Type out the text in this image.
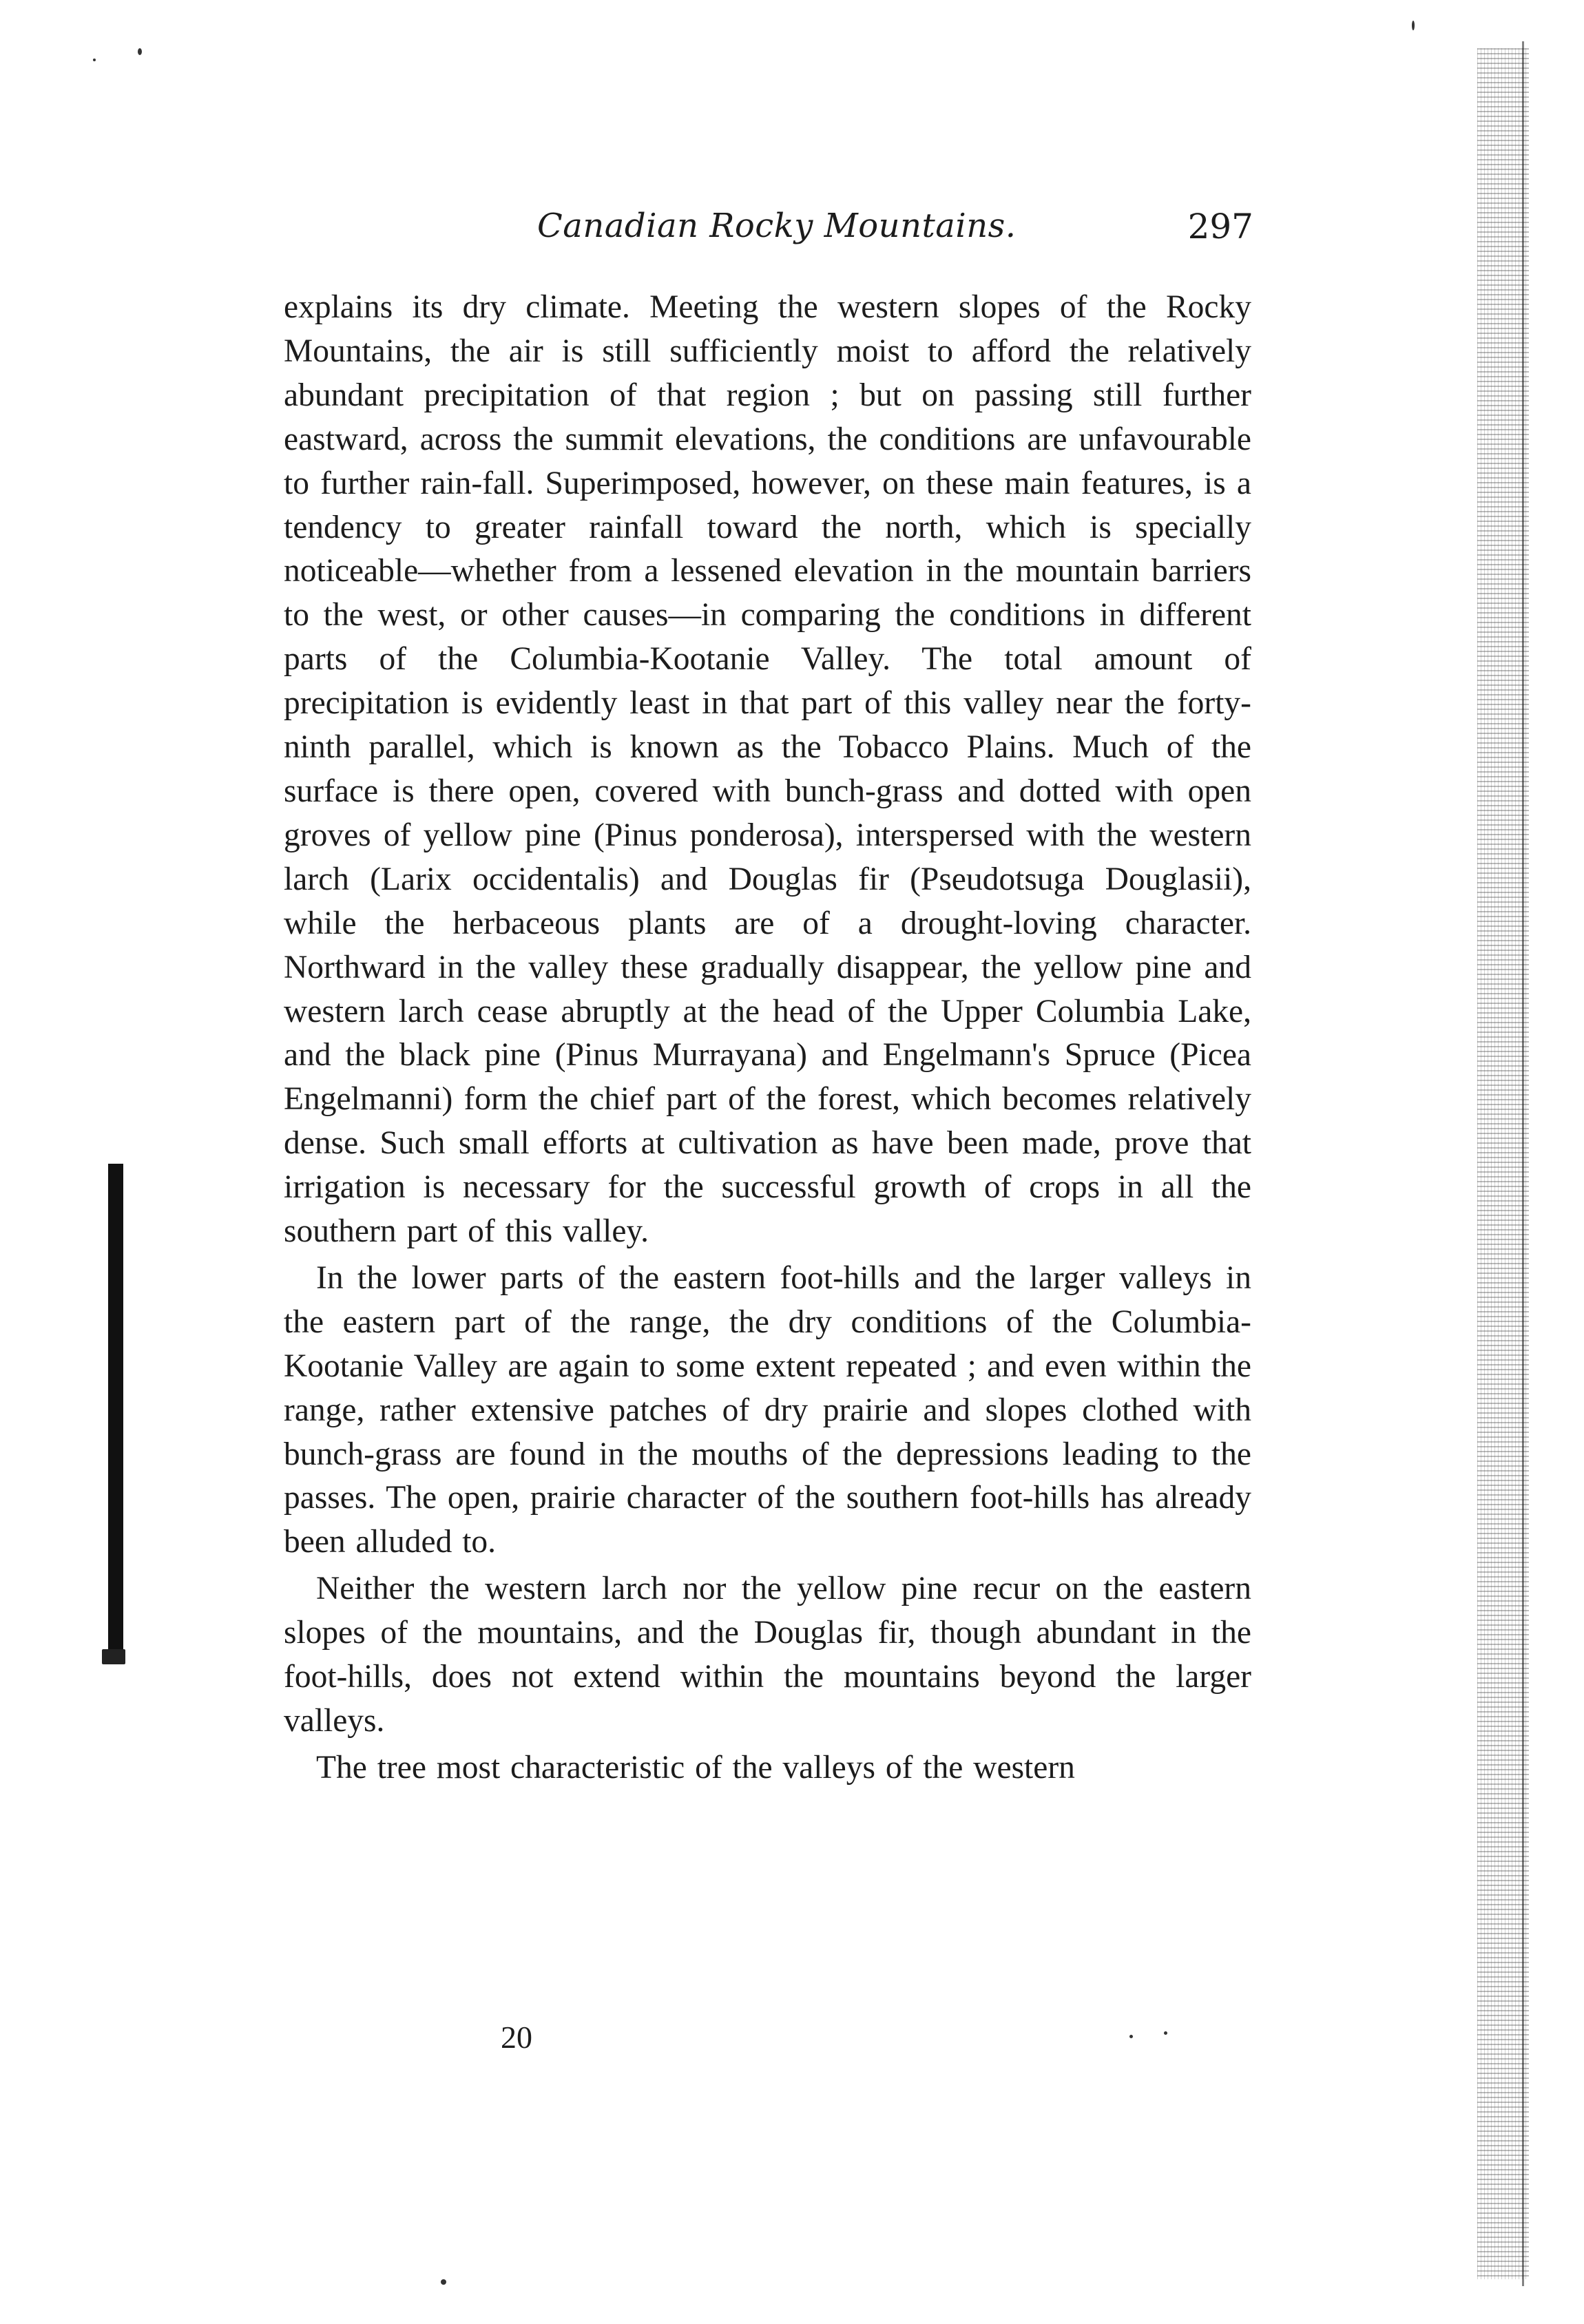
Canadian Rocky Mountains.	297

explains its dry climate. Meeting the western slopes of the Rocky Mountains, the air is still sufficiently moist to afford the relatively abundant precipitation of that region ; but on passing still further eastward, across the summit elevations, the conditions are unfavourable to further rain-fall. Superimposed, however, on these main features, is a tendency to greater rainfall toward the north, which is specially noticeable—whether from a lessened elevation in the mountain barriers to the west, or other causes—in comparing the conditions in different parts of the Columbia-Kootanie Valley. The total amount of precipitation is evidently least in that part of this valley near the forty-ninth parallel, which is known as the Tobacco Plains. Much of the surface is there open, covered with bunch-grass and dotted with open groves of yellow pine (Pinus ponderosa), interspersed with the western larch (Larix occidentalis) and Douglas fir (Pseudotsuga Douglasii), while the herbaceous plants are of a drought-loving character. Northward in the valley these gradually disappear, the yellow pine and western larch cease abruptly at the head of the Upper Columbia Lake, and the black pine (Pinus Murrayana) and Engelmann's Spruce (Picea Engelmanni) form the chief part of the forest, which becomes relatively dense. Such small efforts at cultivation as have been made, prove that irrigation is necessary for the successful growth of crops in all the southern part of this valley.

In the lower parts of the eastern foot-hills and the larger valleys in the eastern part of the range, the dry conditions of the Columbia-Kootanie Valley are again to some extent repeated ; and even within the range, rather extensive patches of dry prairie and slopes clothed with bunch-grass are found in the mouths of the depressions leading to the passes. The open, prairie character of the southern foot-hills has already been alluded to.

Neither the western larch nor the yellow pine recur on the eastern slopes of the mountains, and the Douglas fir, though abundant in the foot-hills, does not extend within the mountains beyond the larger valleys.

The tree most characteristic of the valleys of the western

20
